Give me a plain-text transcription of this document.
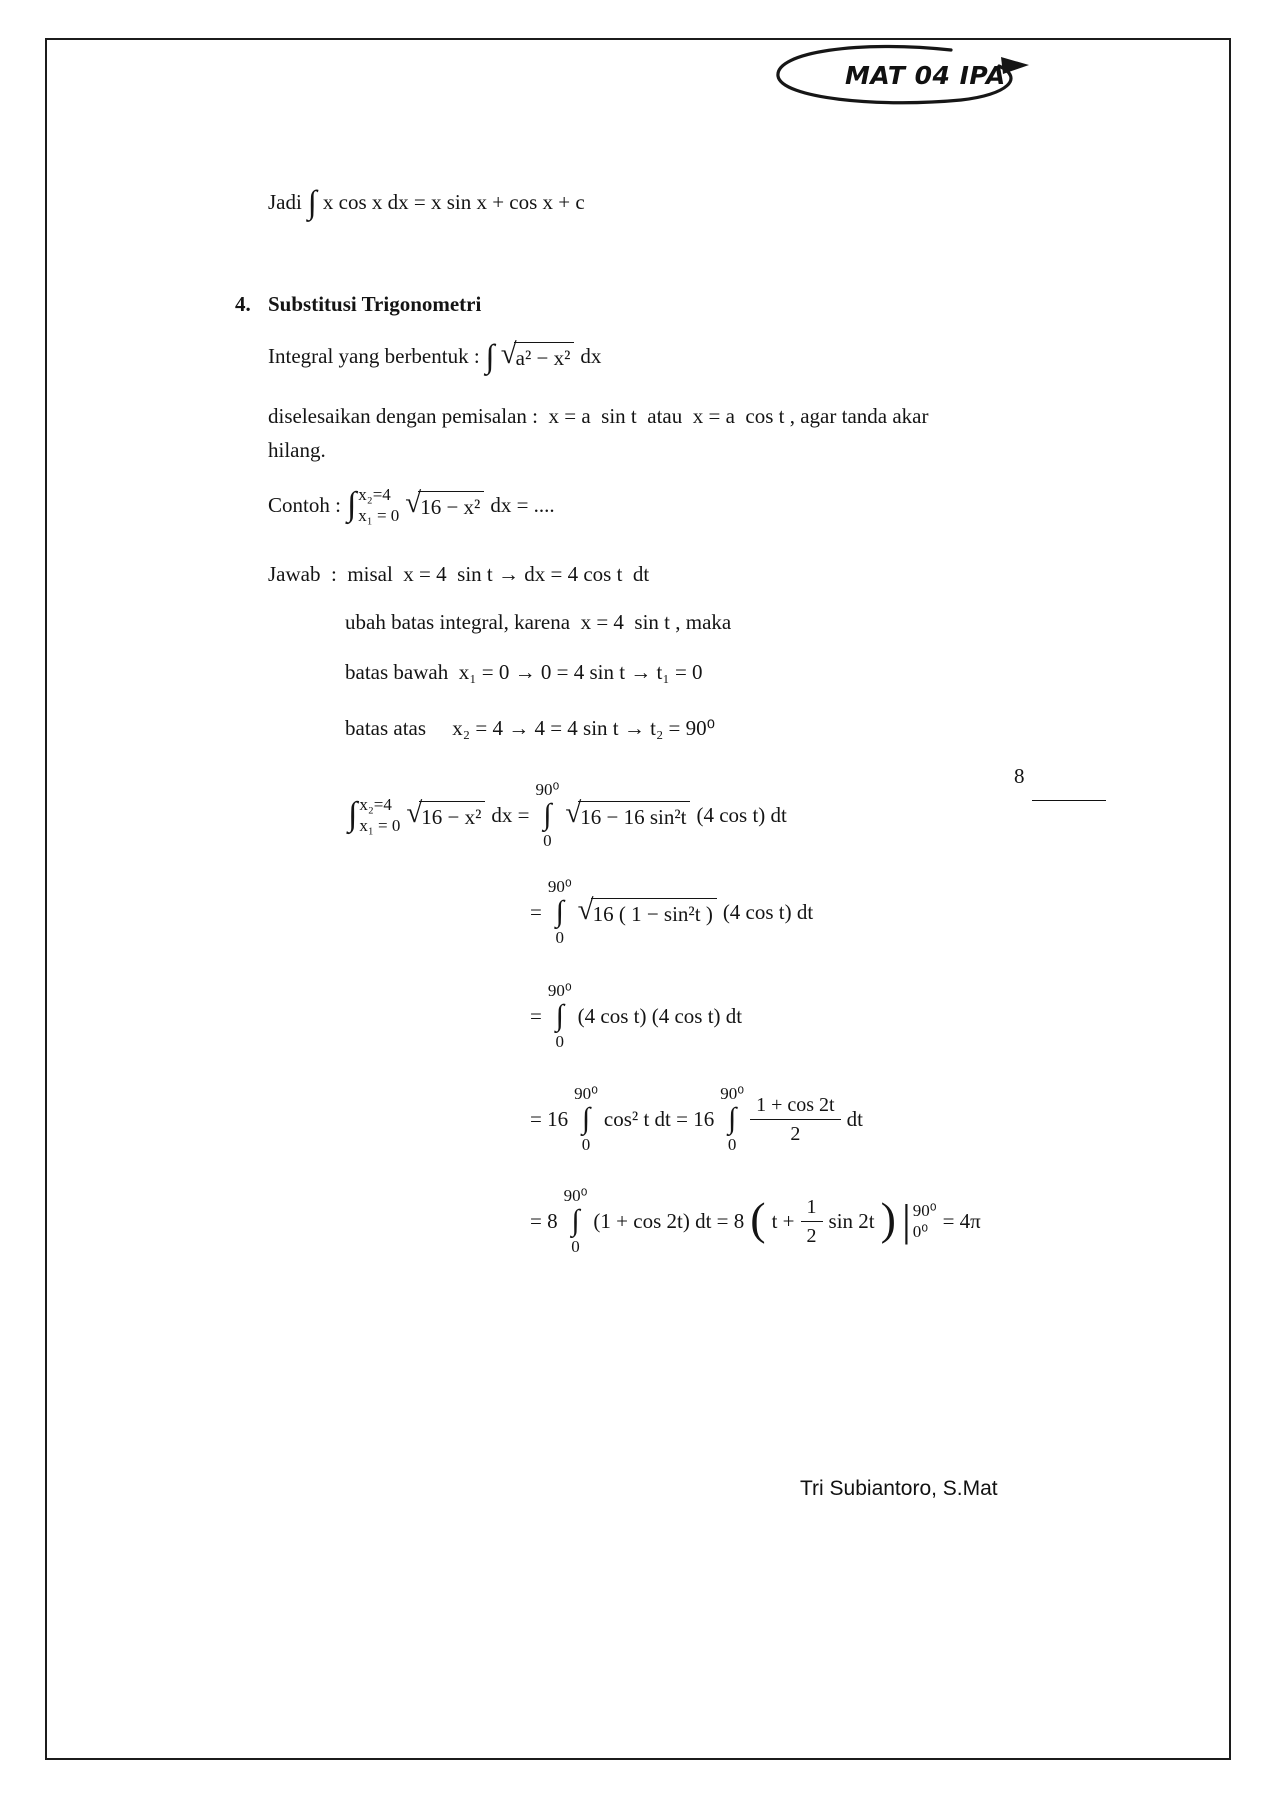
MAT 04 IPA
Jadi ∫ x cos x dx = x sin x + cos x + c
4. Substitusi Trigonometri
Integral yang berbentuk : ∫ √ a² − x² dx
diselesaikan dengan pemisalan :  x = a  sin t  atau  x = a  cos t , agar tanda akar
hilang.
Contoh : ∫ x₂=4
x₁ = 0 √ 16 − x² dx = ....
Jawab  :  misal  x = 4  sin t → dx = 4 cos t  dt
ubah batas integral, karena  x = 4  sin t , maka
batas bawah  x₁ = 0 → 0 = 4 sin t → t₁ = 0
batas atas     x₂ = 4 → 4 = 4 sin t → t₂ = 90⁰
∫ x₂=4
x₁ = 0 √ 16 − x² dx =
90⁰
∫
0
√ 16 − 16 sin²t (4 cos t) dt
=
90⁰
∫
0
√ 16 ( 1 − sin²t ) (4 cos t) dt
=
90⁰
∫
0
(4 cos t) (4 cos t) dt
= 16
90⁰
∫
0
cos² t dt = 16
90⁰
∫
$0 \frac{1 + \cos 2t}{2}$ dt
= 8
90⁰
∫
0
(1 + cos 2t) dt = 8 ( $t + \frac{1}{2}$ sin 2t ) | 90⁰
0⁰ = 4π
8
Tri Subiantoro, S.Mat
